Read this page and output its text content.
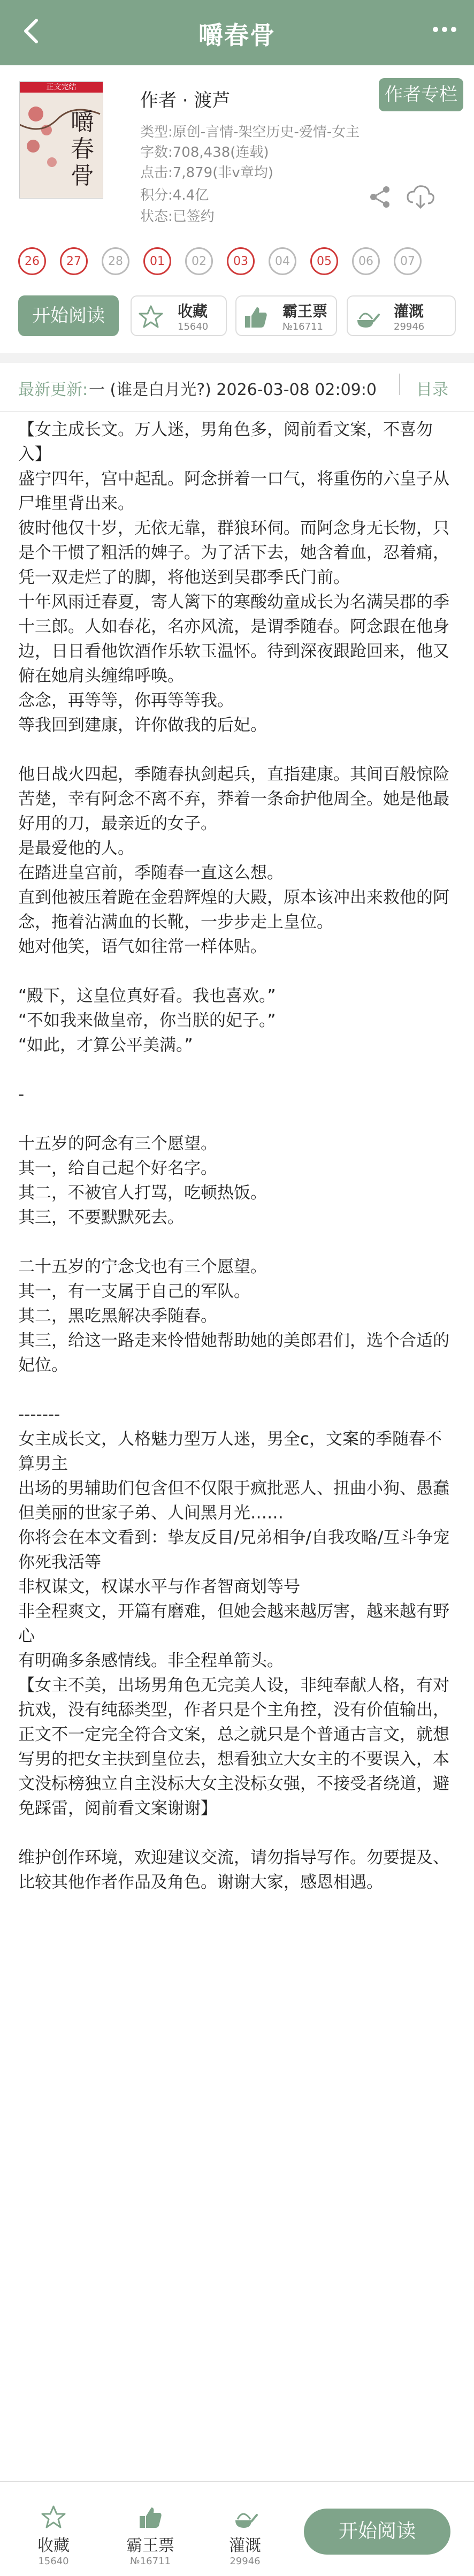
嚼春骨
正文完结
嚼
春
骨
作者 · 渡芦	作者专栏
类型:原创-言情-架空历史-爱情-女主
字数:708,438(连载)
点击:7,879(非v章均)
积分:4.4亿
状态:已签约
26	27	28	01	02	03	04	05	06	07
开始阅读	收藏
15640
霸王票
№16711
灌溉
29946
最新更新: 一 (谁是白月光?) 2026-03-08 02:09:0	目录
【女主成长文。万人迷，男角色多，阅前看文案，不喜勿入】
盛宁四年，宫中起乱。阿念拼着一口气，将重伤的六皇子从尸堆里背出来。
彼时他仅十岁，无依无靠，群狼环伺。而阿念身无长物，只是个干惯了粗活的婢子。为了活下去，她含着血，忍着痛，凭一双走烂了的脚，将他送到吴郡季氏门前。
十年风雨迁春夏，寄人篱下的寒酸幼童成长为名满吴郡的季十三郎。人如春花，名亦风流，是谓季随春。阿念跟在他身边，日日看他饮酒作乐软玉温怀。待到深夜跟跄回来，他又俯在她肩头缠绵呼唤。
念念，再等等，你再等等我。
等我回到建康，许你做我的后妃。
他日战火四起，季随春执剑起兵，直指建康。其间百般惊险苦楚，幸有阿念不离不弃，莽着一条命护他周全。她是他最好用的刀，最亲近的女子。
是最爱他的人。
在踏进皇宫前，季随春一直这么想。
直到他被压着跪在金碧辉煌的大殿，原本该冲出来救他的阿念，拖着沾满血的长靴，一步步走上皇位。
她对他笑，语气如往常一样体贴。
“殿下，这皇位真好看。我也喜欢。”
“不如我来做皇帝，你当朕的妃子。”
“如此，才算公平美满。”
-
十五岁的阿念有三个愿望。
其一，给自己起个好名字。
其二，不被官人打骂，吃顿热饭。
其三，不要默默死去。
二十五岁的宁念戈也有三个愿望。
其一，有一支属于自己的军队。
其二，黑吃黑解决季随春。
其三，给这一路走来怜惜她帮助她的美郎君们，选个合适的妃位。
-------
女主成长文，人格魅力型万人迷，男全c，文案的季随春不算男主
出场的男辅助们包含但不仅限于疯批恶人、扭曲小狗、愚蠢但美丽的世家子弟、人间黑月光……
你将会在本文看到：挚友反目/兄弟相争/自我攻略/互斗争宠你死我活等
非权谋文，权谋水平与作者智商划等号
非全程爽文，开篇有磨难，但她会越来越厉害，越来越有野心
有明确多条感情线。非全程单箭头。
【女主不美，出场男角色无完美人设，非纯奉献人格，有对抗戏，没有纯舔类型，作者只是个主角控，没有价值输出，正文不一定完全符合文案，总之就只是个普通古言文，就想写男的把女主扶到皇位去，想看独立大女主的不要误入，本文没标榜独立自主没标大女主没标女强，不接受者绕道，避免踩雷，阅前看文案谢谢】
维护创作环境，欢迎建议交流，请勿指导写作。勿要提及、比较其他作者作品及角色。谢谢大家，感恩相遇。
收藏
15640
霸王票
№16711
灌溉
29946
开始阅读
